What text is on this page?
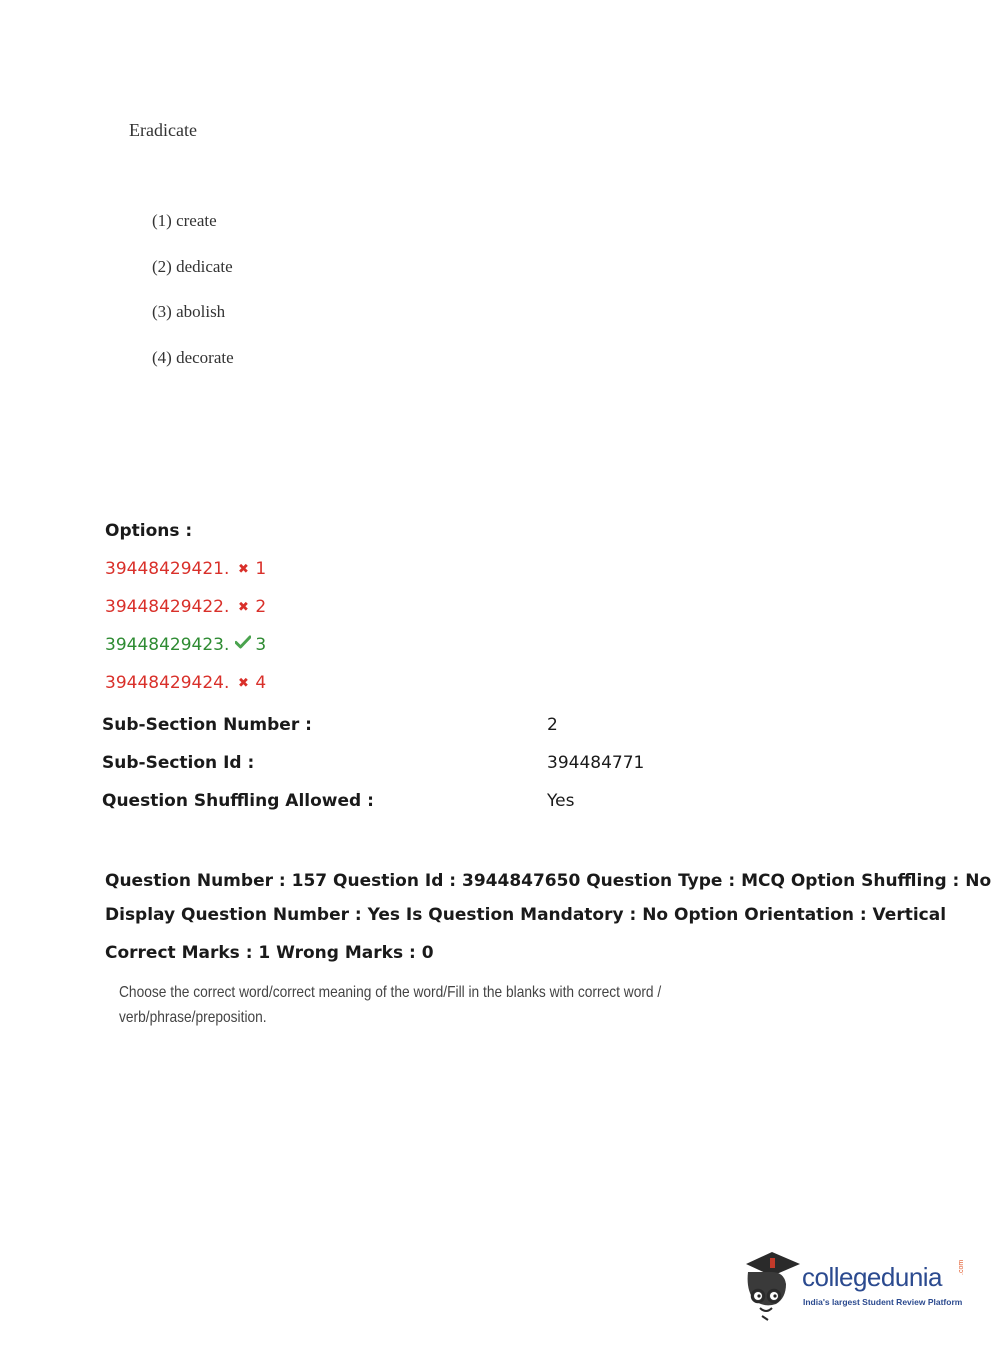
Eradicate
(1) create
(2) dedicate
(3) abolish
(4) decorate
Options :
39448429421. ✖ 1
39448429422. ✖ 2
39448429423. 3
39448429424. ✖ 4
Sub-Section Number :	2
Sub-Section Id :	394484771
Question Shuffling Allowed :	Yes
Question Number : 157 Question Id : 3944847650 Question Type : MCQ Option Shuffling : No
Display Question Number : Yes Is Question Mandatory : No Option Orientation : Vertical
Correct Marks : 1 Wrong Marks : 0
Choose the correct word/correct meaning of the word/Fill in the blanks with correct word /
verb/phrase/preposition.
collegedunia .com
India's largest Student Review Platform
